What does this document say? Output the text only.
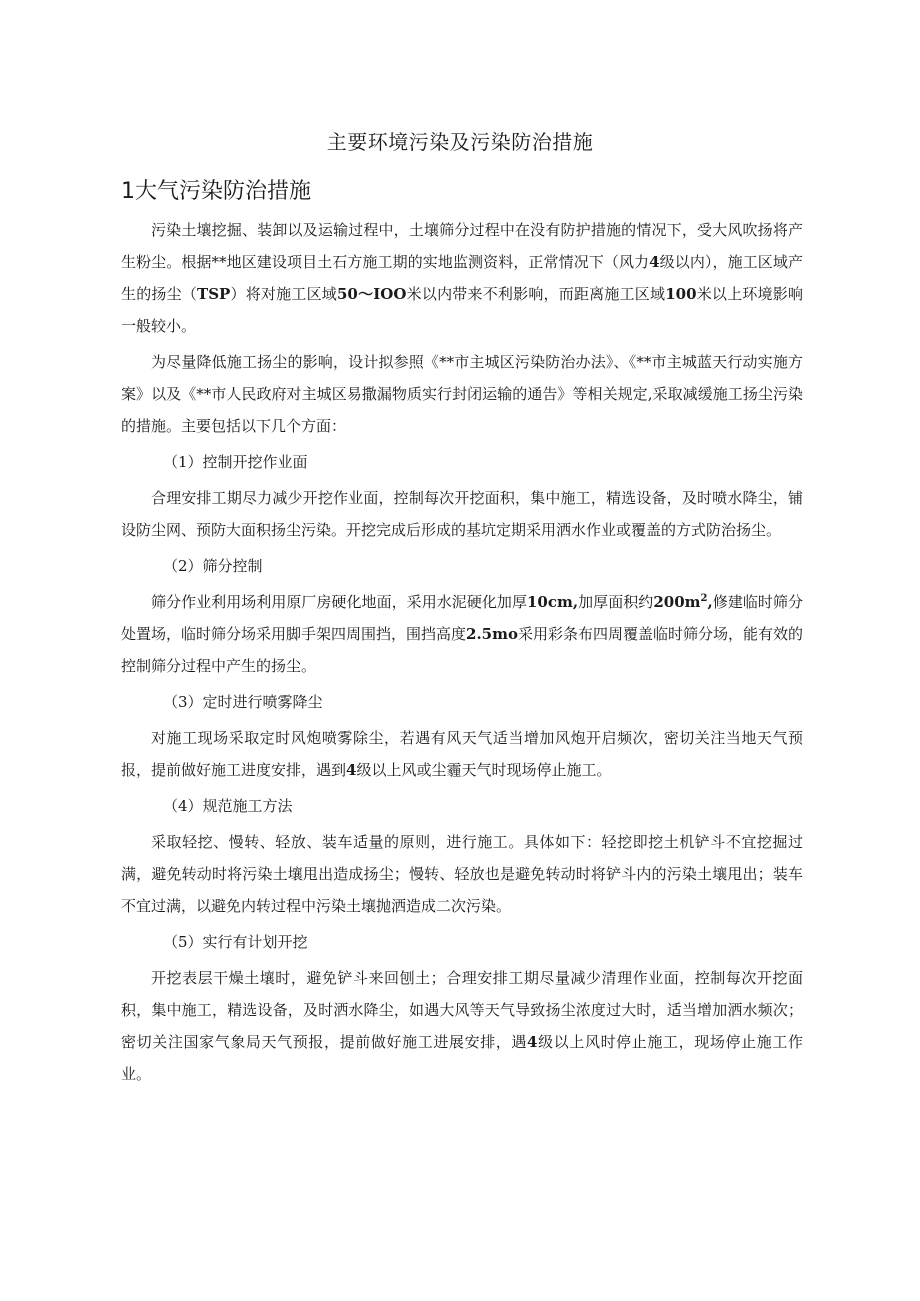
主要环境污染及污染防治措施
1大气污染防治措施

污染土壤挖掘、装卸以及运输过程中，土壤筛分过程中在没有防护措施的情况下，受大风吹扬将产生粉尘。根据**地区建设项目土石方施工期的实地监测资料，正常情况下（风力4级以内），施工区域产生的扬尘（TSP）将对施工区域50～IOO米以内带来不利影响，而距离施工区域100米以上环境影响一般较小。

为尽量降低施工扬尘的影响，设计拟参照《**市主城区污染防治办法》、《**市主城蓝天行动实施方案》以及《**市人民政府对主城区易撒漏物质实行封闭运输的通告》等相关规定,采取减缓施工扬尘污染的措施。主要包括以下几个方面：

（1）控制开挖作业面

合理安排工期尽力减少开挖作业面，控制每次开挖面积，集中施工，精选设备，及时喷水降尘，铺设防尘网、预防大面积扬尘污染。开挖完成后形成的基坑定期采用洒水作业或覆盖的方式防治扬尘。

（2）筛分控制

筛分作业利用场利用原厂房硬化地面，采用水泥硬化加厚10cm,加厚面积约$200m^2$,修建临时筛分处置场，临时筛分场采用脚手架四周围挡，围挡高度2.5mo采用彩条布四周覆盖临时筛分场，能有效的控制筛分过程中产生的扬尘。

（3）定时进行喷雾降尘

对施工现场采取定时风炮喷雾除尘，若遇有风天气适当增加风炮开启频次，密切关注当地天气预报，提前做好施工进度安排，遇到4级以上风或尘霾天气时现场停止施工。

（4）规范施工方法

采取轻挖、慢转、轻放、装车适量的原则，进行施工。具体如下：轻挖即挖土机铲斗不宜挖掘过满，避免转动时将污染土壤甩出造成扬尘；慢转、轻放也是避免转动时将铲斗内的污染土壤甩出；装车不宜过满，以避免内转过程中污染土壤抛洒造成二次污染。

（5）实行有计划开挖

开挖表层干燥土壤时，避免铲斗来回刨土；合理安排工期尽量减少清理作业面，控制每次开挖面积，集中施工，精选设备，及时洒水降尘，如遇大风等天气导致扬尘浓度过大时，适当增加洒水频次；密切关注国家气象局天气预报，提前做好施工进展安排，遇4级以上风时停止施工，现场停止施工作业。
